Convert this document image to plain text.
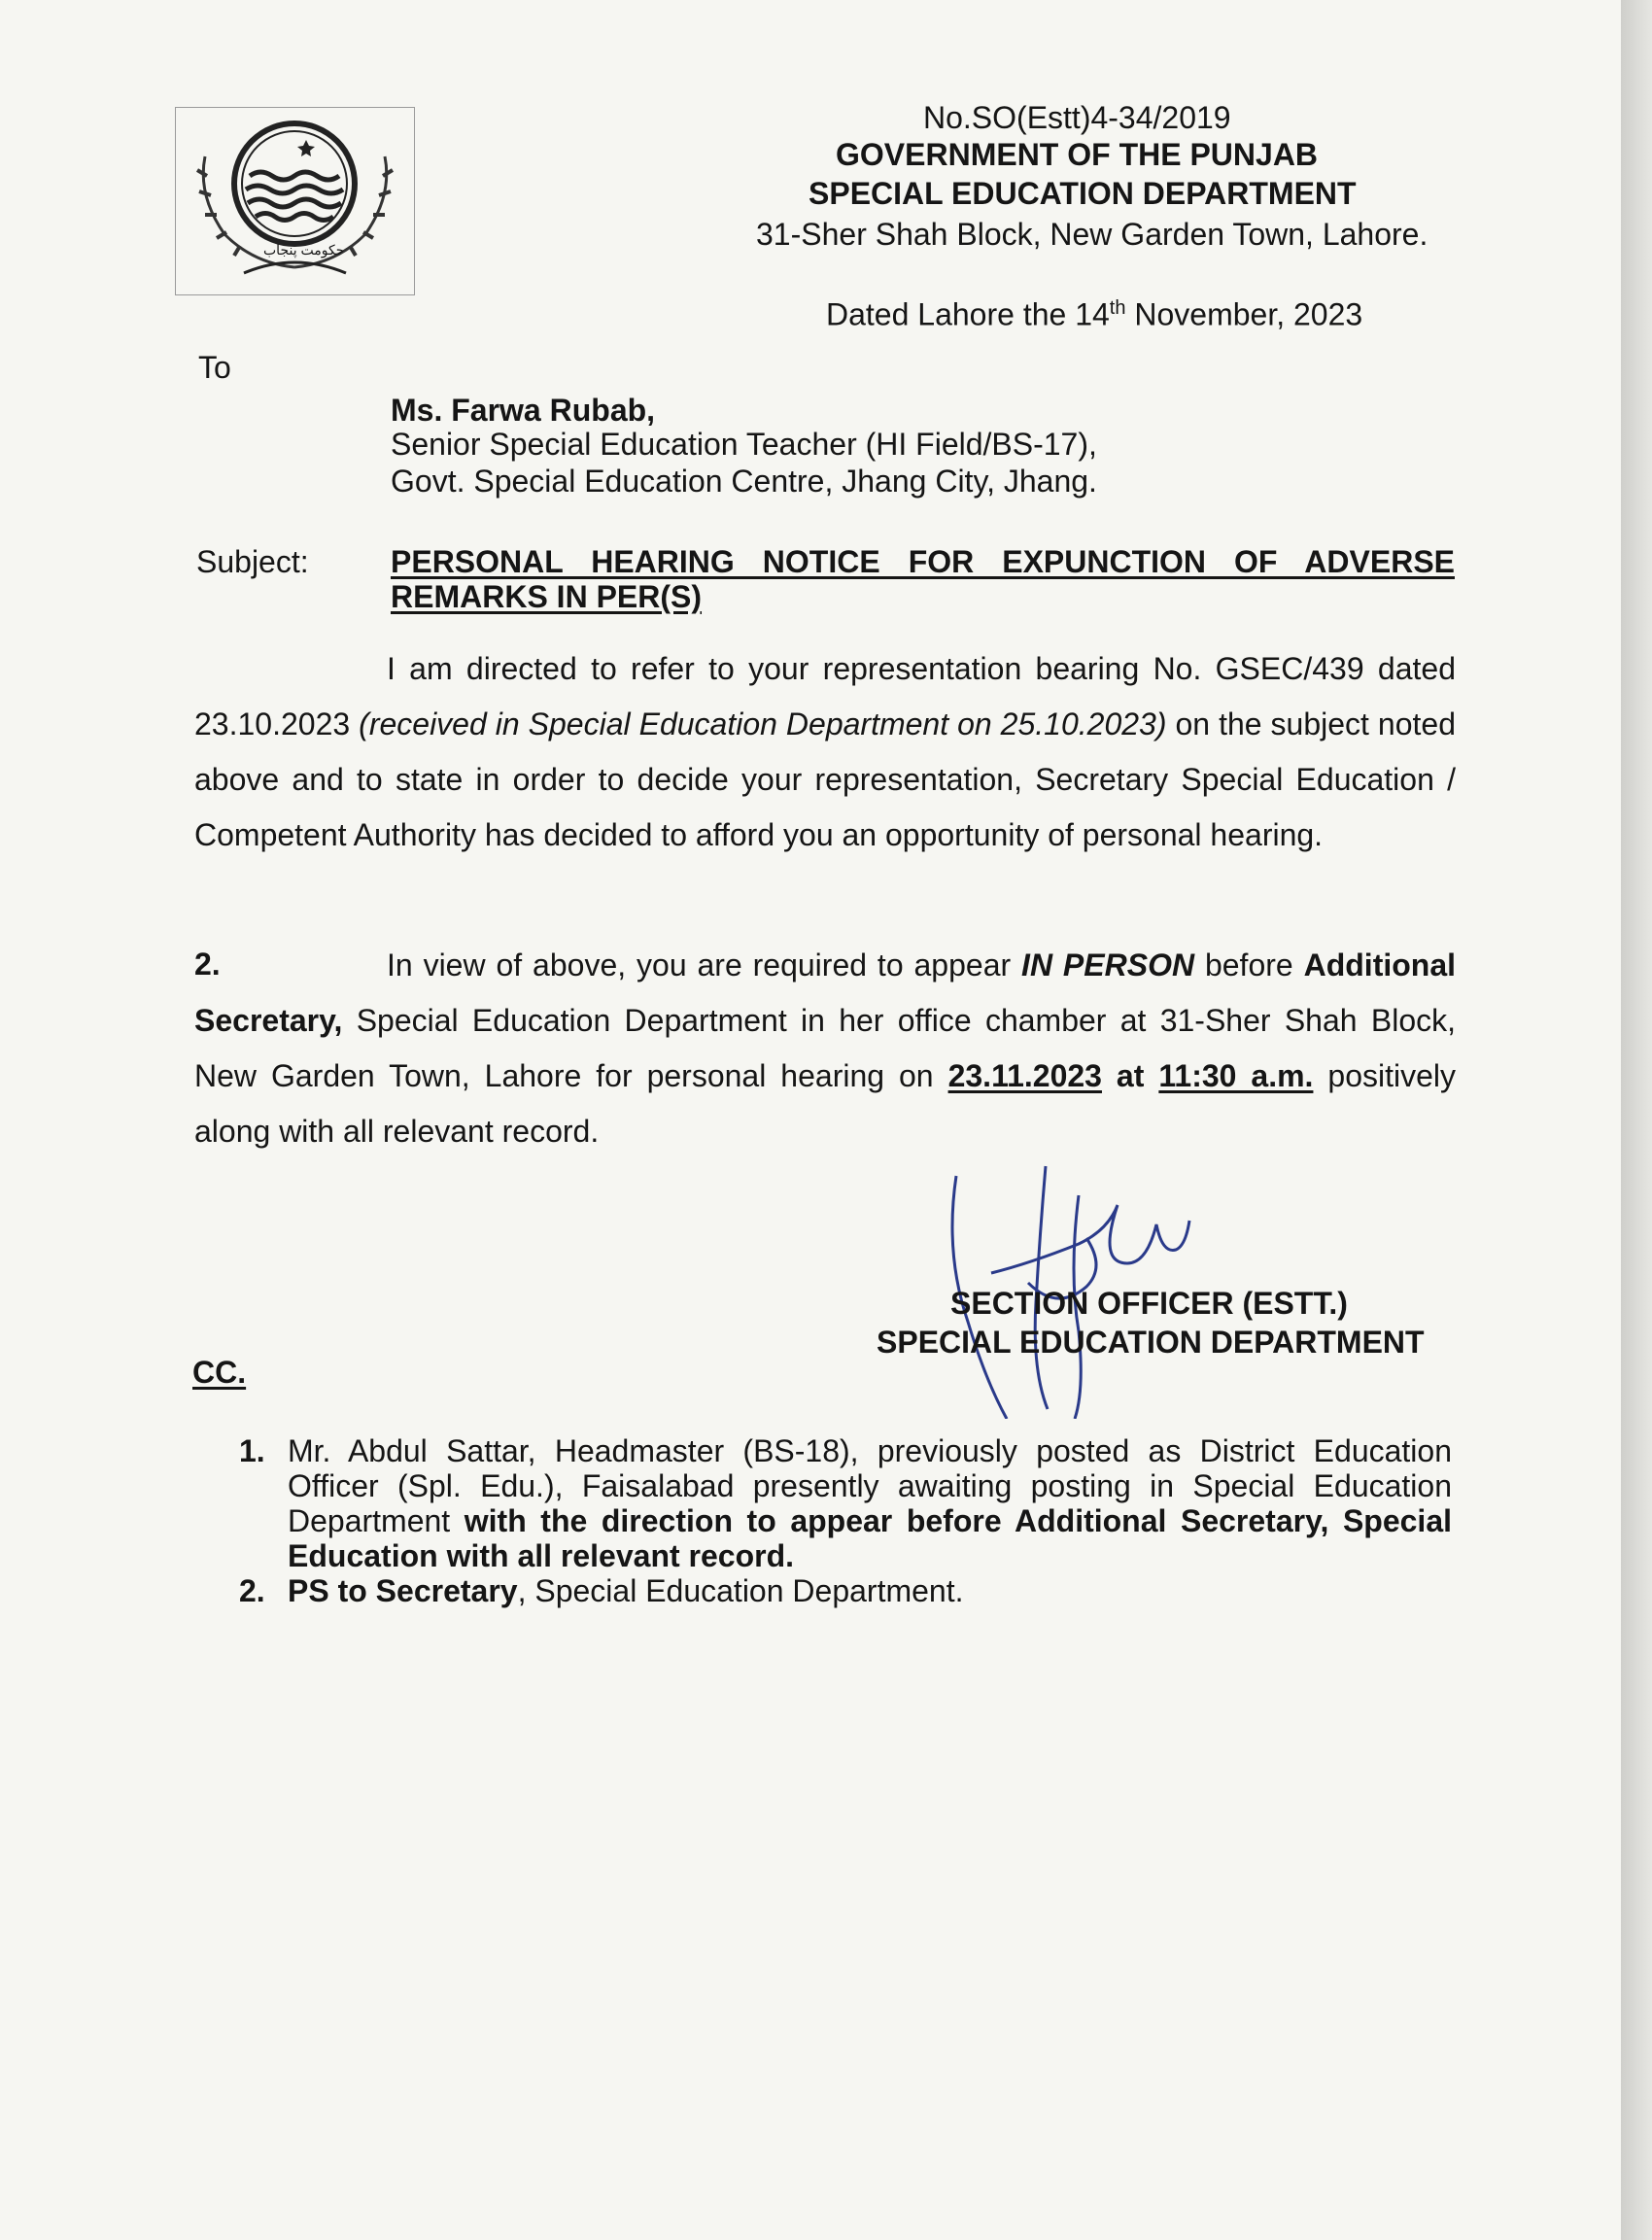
حکومت پنجاب
No.SO(Estt)4-34/2019
GOVERNMENT OF THE PUNJAB
SPECIAL EDUCATION DEPARTMENT
31-Sher Shah Block, New Garden Town, Lahore.
Dated Lahore the 14th November, 2023
To
Ms. Farwa Rubab,
Senior Special Education Teacher (HI Field/BS-17),
Govt. Special Education Centre, Jhang City, Jhang.
Subject:	PERSONAL HEARING NOTICE FOR EXPUNCTION OF ADVERSE REMARKS IN PER(S)
I am directed to refer to your representation bearing No. GSEC/439 dated 23.10.2023 (received in Special Education Department on 25.10.2023) on the subject noted above and to state in order to decide your representation, Secretary Special Education / Competent Authority has decided to afford you an opportunity of personal hearing.
2.	In view of above, you are required to appear IN PERSON before Additional Secretary, Special Education Department in her office chamber at 31-Sher Shah Block, New Garden Town, Lahore for personal hearing on 23.11.2023 at 11:30 a.m. positively along with all relevant record.
SECTION OFFICER (ESTT.)
SPECIAL EDUCATION DEPARTMENT
CC.
1. Mr. Abdul Sattar, Headmaster (BS-18), previously posted as District Education Officer (Spl. Edu.), Faisalabad presently awaiting posting in Special Education Department with the direction to appear before Additional Secretary, Special Education with all relevant record.
2. PS to Secretary, Special Education Department.
